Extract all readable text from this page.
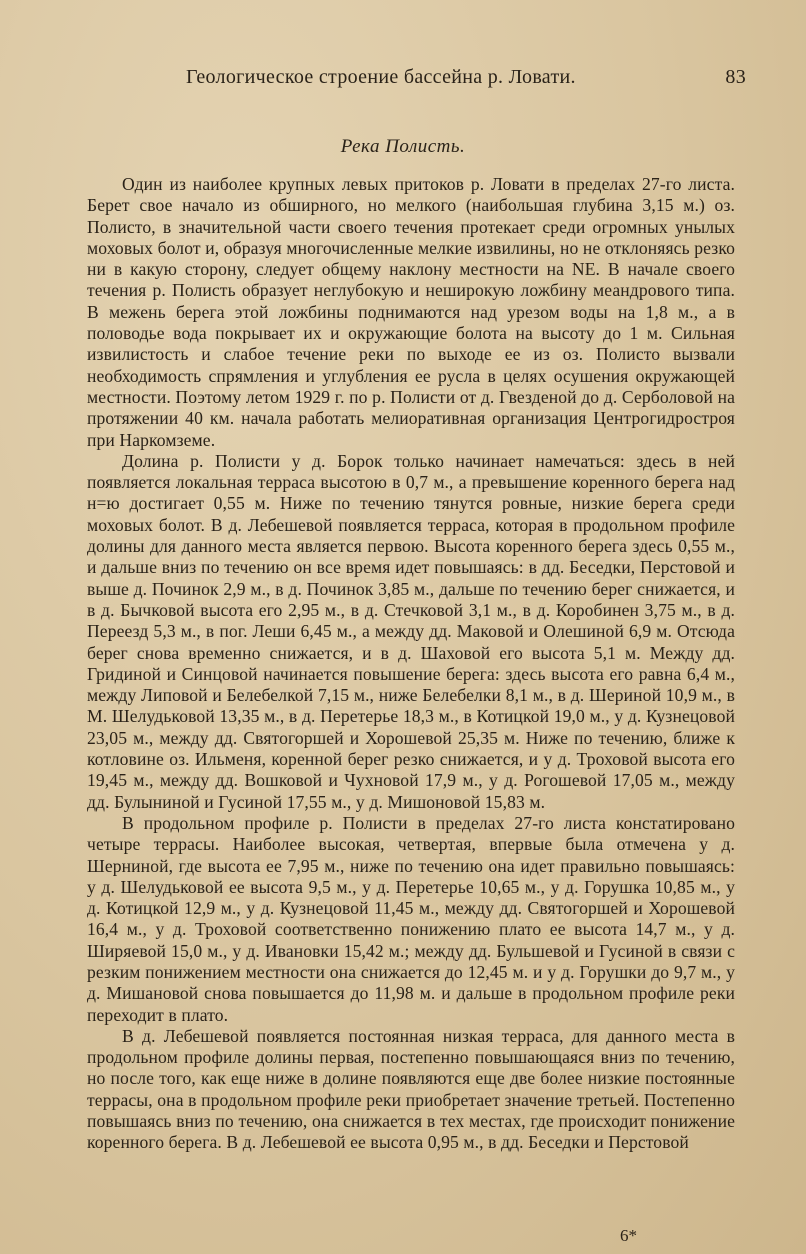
Геологическое строение бассейна р. Ловати.	83
Река Полисть.

Один из наиболее крупных левых притоков р. Ловати в пределах 27-го листа. Берет свое начало из обширного, но мелкого (наибольшая глубина 3,15 м.) оз. Полисто, в значительной части своего течения протекает среди огромных унылых моховых болот и, образуя многочисленные мелкие извилины, но не отклоняясь резко ни в какую сторону, следует общему наклону местности на NE. В начале своего течения р. Полисть образует неглубокую и неширокую ложбину меандрового типа. В межень берега этой ложбины поднимаются над урезом воды на 1,8 м., а в половодье вода покрывает их и окружающие болота на высоту до 1 м. Сильная извилистость и слабое течение реки по выходе ее из оз. Полисто вызвали необходимость спрямления и углубления ее русла в целях осушения окружающей местности. Поэтому летом 1929 г. по р. Полисти от д. Гвезденой до д. Серболовой на протяжении 40 км. начала работать мелиоративная организация Центрогидростроя при Наркомземе.

Долина р. Полисти у д. Борок только начинает намечаться: здесь в ней появляется локальная терраса высотою в 0,7 м., а превышение коренного берега над н=ю достигает 0,55 м. Ниже по течению тянутся ровные, низкие берега среди моховых болот. В д. Лебешевой появляется терраса, которая в продольном профиле долины для данного места является первою. Высота коренного берега здесь 0,55 м., и дальше вниз по течению он все время идет повышаясь: в дд. Беседки, Перстовой и выше д. Починок 2,9 м., в д. Починок 3,85 м., дальше по течению берег снижается, и в д. Бычковой высота его 2,95 м., в д. Стечковой 3,1 м., в д. Коробинен 3,75 м., в д. Переезд 5,3 м., в пог. Леши 6,45 м., а между дд. Маковой и Олешиной 6,9 м. Отсюда берег снова временно снижается, и в д. Шаховой его высота 5,1 м. Между дд. Гридиной и Синцовой начинается повышение берега: здесь высота его равна 6,4 м., между Липовой и Белебелкой 7,15 м., ниже Белебелки 8,1 м., в д. Шериной 10,9 м., в М. Шелудьковой 13,35 м., в д. Перетерье 18,3 м., в Котицкой 19,0 м., у д. Кузнецовой 23,05 м., между дд. Святогоршей и Хорошевой 25,35 м. Ниже по течению, ближе к котловине оз. Ильменя, коренной берег резко снижается, и у д. Троховой высота его 19,45 м., между дд. Вошковой и Чухновой 17,9 м., у д. Рогошевой 17,05 м., между дд. Булыниной и Гусиной 17,55 м., у д. Мишоновой 15,83 м.

В продольном профиле р. Полисти в пределах 27-го листа констатировано четыре террасы. Наиболее высокая, четвертая, впервые была отмечена у д. Шерниной, где высота ее 7,95 м., ниже по течению она идет правильно повышаясь: у д. Шелудьковой ее высота 9,5 м., у д. Перетерье 10,65 м., у д. Горушка 10,85 м., у д. Котицкой 12,9 м., у д. Кузнецовой 11,45 м., между дд. Святогоршей и Хорошевой 16,4 м., у д. Троховой соответственно понижению плато ее высота 14,7 м., у д. Ширяевой 15,0 м., у д. Ивановки 15,42 м.; между дд. Бульшевой и Гусиной в связи с резким понижением местности она снижается до 12,45 м. и у д. Горушки до 9,7 м., у д. Мишановой снова повышается до 11,98 м. и дальше в продольном профиле реки переходит в плато.

В д. Лебешевой появляется постоянная низкая терраса, для данного места в продольном профиле долины первая, постепенно повышающаяся вниз по течению, но после того, как еще ниже в долине появляются еще две более низкие постоянные террасы, она в продольном профиле реки приобретает значение третьей. Постепенно повышаясь вниз по течению, она снижается в тех местах, где происходит понижение коренного берега. В д. Лебешевой ее высота 0,95 м., в дд. Беседки и Перстовой

6*
